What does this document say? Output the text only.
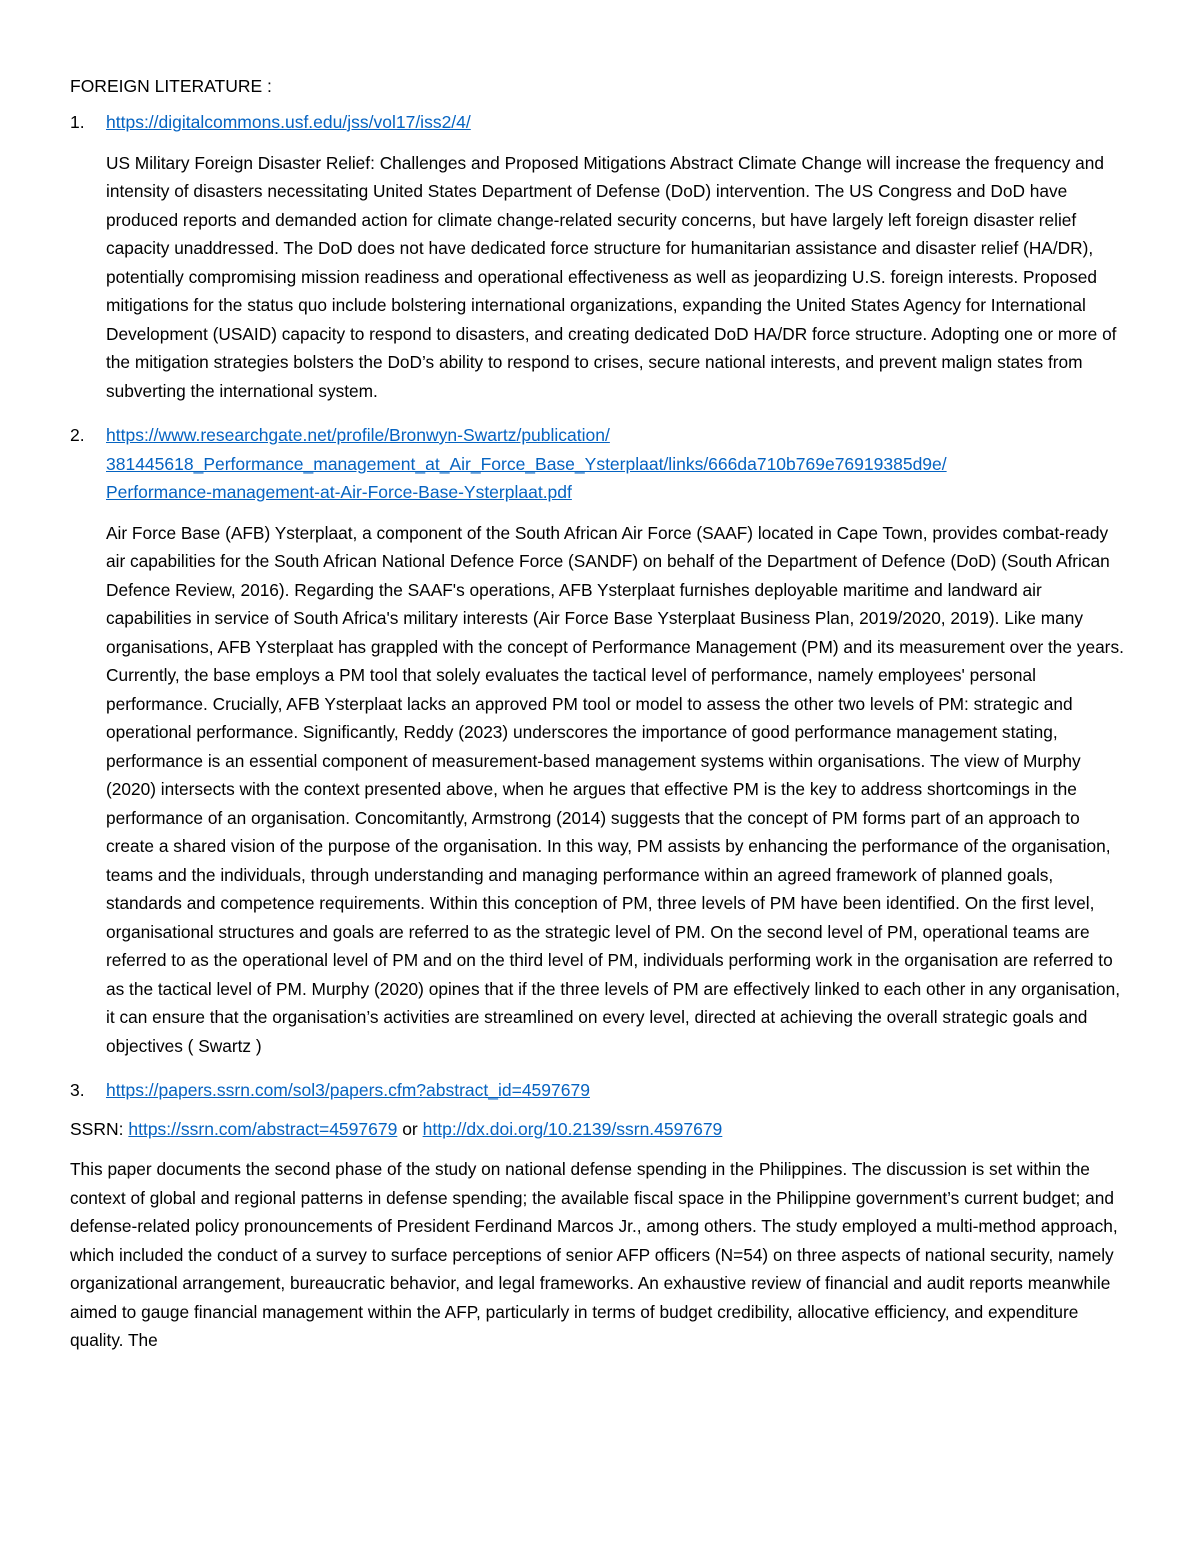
FOREIGN LITERATURE :
1.	https://digitalcommons.usf.edu/jss/vol17/iss2/4/
US Military Foreign Disaster Relief: Challenges and Proposed Mitigations Abstract Climate Change will increase the frequency and intensity of disasters necessitating United States Department of Defense (DoD) intervention. The US Congress and DoD have produced reports and demanded action for climate change-related security concerns, but have largely left foreign disaster relief capacity unaddressed. The DoD does not have dedicated force structure for humanitarian assistance and disaster relief (HA/DR), potentially compromising mission readiness and operational effectiveness as well as jeopardizing U.S. foreign interests. Proposed mitigations for the status quo include bolstering international organizations, expanding the United States Agency for International Development (USAID) capacity to respond to disasters, and creating dedicated DoD HA/DR force structure. Adopting one or more of the mitigation strategies bolsters the DoD’s ability to respond to crises, secure national interests, and prevent malign states from subverting the international system.
2.	https://www.researchgate.net/profile/Bronwyn-Swartz/publication/
381445618_Performance_management_at_Air_Force_Base_Ysterplaat/links/666da710b769e76919385d9e/
Performance-management-at-Air-Force-Base-Ysterplaat.pdf
Air Force Base (AFB) Ysterplaat, a component of the South African Air Force (SAAF) located in Cape Town, provides combat-ready air capabilities for the South African National Defence Force (SANDF) on behalf of the Department of Defence (DoD) (South African Defence Review, 2016). Regarding the SAAF's operations, AFB Ysterplaat furnishes deployable maritime and landward air capabilities in service of South Africa's military interests (Air Force Base Ysterplaat Business Plan, 2019/2020, 2019). Like many organisations, AFB Ysterplaat has grappled with the concept of Performance Management (PM) and its measurement over the years. Currently, the base employs a PM tool that solely evaluates the tactical level of performance, namely employees' personal performance. Crucially, AFB Ysterplaat lacks an approved PM tool or model to assess the other two levels of PM: strategic and operational performance. Significantly, Reddy (2023) underscores the importance of good performance management stating, performance is an essential component of measurement-based management systems within organisations. The view of Murphy (2020) intersects with the context presented above, when he argues that effective PM is the key to address shortcomings in the performance of an organisation. Concomitantly, Armstrong (2014) suggests that the concept of PM forms part of an approach to create a shared vision of the purpose of the organisation. In this way, PM assists by enhancing the performance of the organisation, teams and the individuals, through understanding and managing performance within an agreed framework of planned goals, standards and competence requirements. Within this conception of PM, three levels of PM have been identified. On the first level, organisational structures and goals are referred to as the strategic level of PM. On the second level of PM, operational teams are referred to as the operational level of PM and on the third level of PM, individuals performing work in the organisation are referred to as the tactical level of PM. Murphy (2020) opines that if the three levels of PM are effectively linked to each other in any organisation, it can ensure that the organisation’s activities are streamlined on every level, directed at achieving the overall strategic goals and objectives ( Swartz )
3.	https://papers.ssrn.com/sol3/papers.cfm?abstract_id=4597679
SSRN: https://ssrn.com/abstract=4597679 or http://dx.doi.org/10.2139/ssrn.4597679
This paper documents the second phase of the study on national defense spending in the Philippines. The discussion is set within the context of global and regional patterns in defense spending; the available fiscal space in the Philippine government’s current budget; and defense-related policy pronouncements of President Ferdinand Marcos Jr., among others. The study employed a multi-method approach, which included the conduct of a survey to surface perceptions of senior AFP officers (N=54) on three aspects of national security, namely organizational arrangement, bureaucratic behavior, and legal frameworks. An exhaustive review of financial and audit reports meanwhile aimed to gauge financial management within the AFP, particularly in terms of budget credibility, allocative efficiency, and expenditure quality. The
